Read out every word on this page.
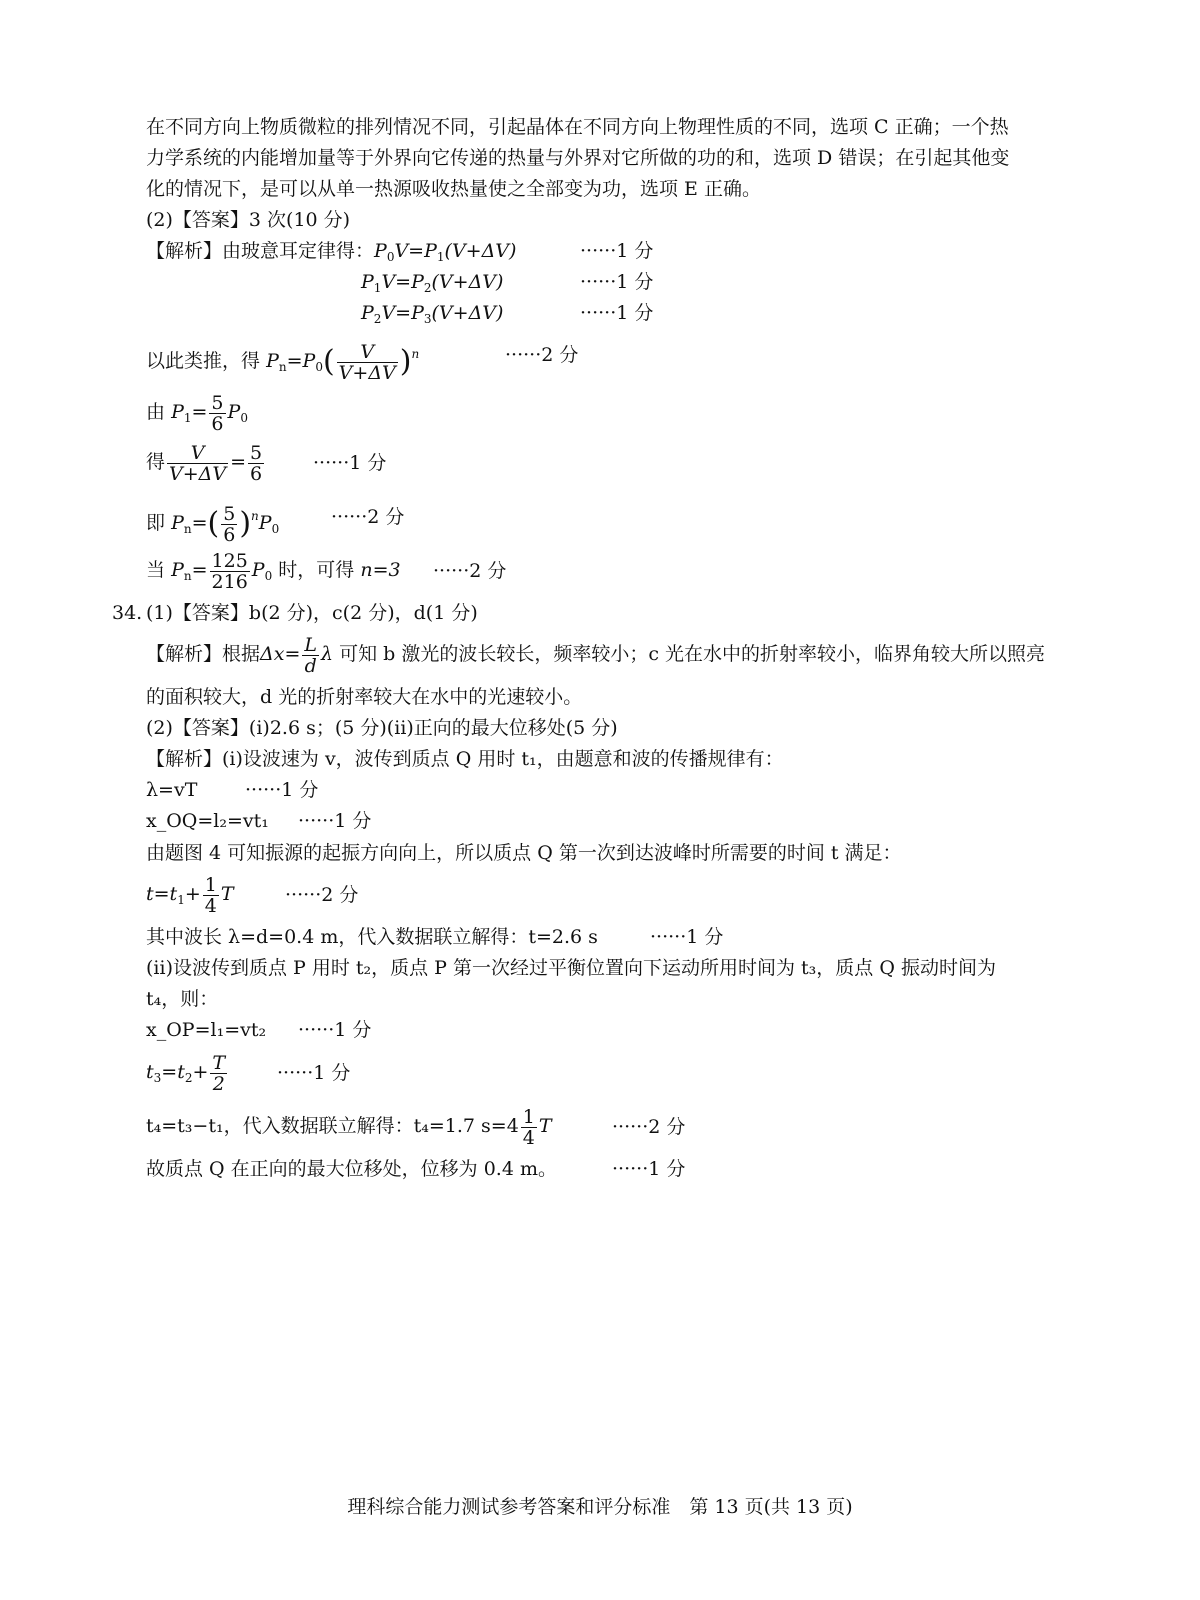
在不同方向上物质微粒的排列情况不同，引起晶体在不同方向上物理性质的不同，选项 C 正确；一个热
力学系统的内能增加量等于外界向它传递的热量与外界对它所做的功的和，选项 D 错误；在引起其他变
化的情况下，是可以从单一热源吸收热量使之全部变为功，选项 E 正确。
(2)【答案】3 次(10 分)
【解析】由玻意耳定律得：$P_0V=P_1(V+\Delta V)$	······1 分
$P_1V=P_2(V+\Delta V)$	······1 分
$P_2V=P_3(V+\Delta V)$	······1 分
以此类推，得 $P_n=P_0( \frac{V}{V+\Delta V} )^n$	······2 分
由 $P_1= \frac{5}{6} P_0$
得 $\frac{V}{V+\Delta V} = \frac{5}{6}$	······1 分
即 $P_n=( \frac{5}{6} )^nP_0$
······2 分
当 $P_n= \frac{125}{216} P_0$ 时，可得 n=3 ······2 分
34. (1)【答案】b(2 分)，c(2 分)，d(1 分)
【解析】根据$\Delta x= \frac{L}{d}$ λ 可知 b 激光的波长较长，频率较小；c 光在水中的折射率较小，临界角较大所以照亮
的面积较大，d 光的折射率较大在水中的光速较小。
(2)【答案】(ⅰ)2.6 s；(5 分)(ⅱ)正向的最大位移处(5 分)
【解析】(ⅰ)设波速为 v，波传到质点 Q 用时 t₁，由题意和波的传播规律有：
λ=vT	······1 分
x_OQ=l₂=vt₁ ······1 分
由题图 4 可知振源的起振方向向上，所以质点 Q 第一次到达波峰时所需要的时间 t 满足：
$t=t_1+ \frac{1}{4}$ T	······2 分
其中波长 λ=d=0.4 m，代入数据联立解得：t=2.6 s	······1 分
(ⅱ)设波传到质点 P 用时 t₂，质点 P 第一次经过平衡位置向下运动所用时间为 t₃，质点 Q 振动时间为
t₄，则：
x_OP=l₁=vt₂ ······1 分
$t_3=t_2+ \frac{T}{2}$	······1 分
t₄=t₃−t₁，代入数据联立解得：t₄=1.7 $s=4 \frac{1}{4}$ T	······2 分
故质点 Q 在正向的最大位移处，位移为 0.4 m。	······1 分
理科综合能力测试参考答案和评分标准　第 13 页(共 13 页)
